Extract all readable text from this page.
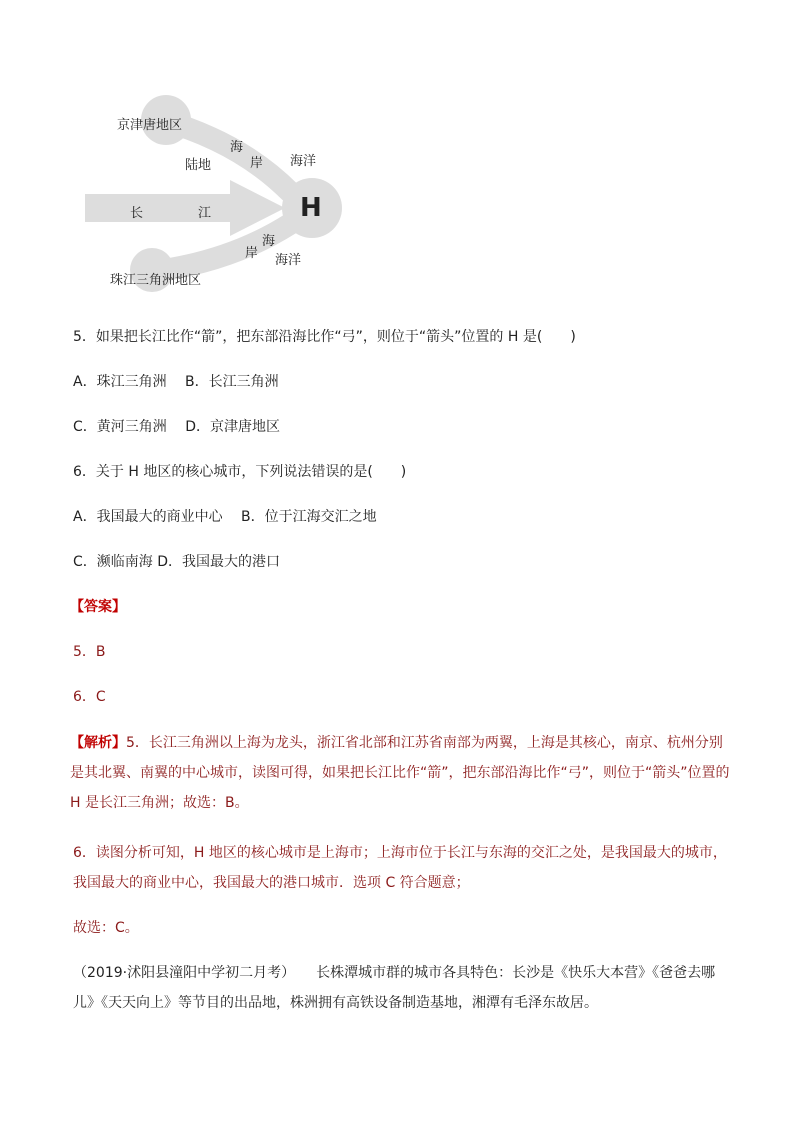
京津唐地区
海
岸
陆地	海洋
长	江	H
岸
海
海洋
珠江三角洲地区
5．如果把长江比作“箭”，把东部沿海比作“弓”，则位于“箭头”位置的 H 是(　　)
A．珠江三角洲　 B．长江三角洲
C．黄河三角洲　 D．京津唐地区
6．关于 H 地区的核心城市，下列说法错误的是(　　)
A．我国最大的商业中心　 B．位于江海交汇之地
C．濒临南海 D．我国最大的港口
【答案】
5．B
6．C
【解析】5．长江三角洲以上海为龙头，浙江省北部和江苏省南部为两翼，上海是其核心，南京、杭州分别是其北翼、南翼的中心城市，读图可得，如果把长江比作“箭”，把东部沿海比作“弓”，则位于“箭头”位置的 H 是长江三角洲；故选：B。
6．读图分析可知，H 地区的核心城市是上海市；上海市位于长江与东海的交汇之处，是我国最大的城市，我国最大的商业中心，我国最大的港口城市．选项 C 符合题意；
故选：C。
（2019·沭阳县潼阳中学初二月考）　　长株潭城市群的城市各具特色：长沙是《快乐大本营》《爸爸去哪儿》《天天向上》等节目的出品地，株洲拥有高铁设备制造基地，湘潭有毛泽东故居。
